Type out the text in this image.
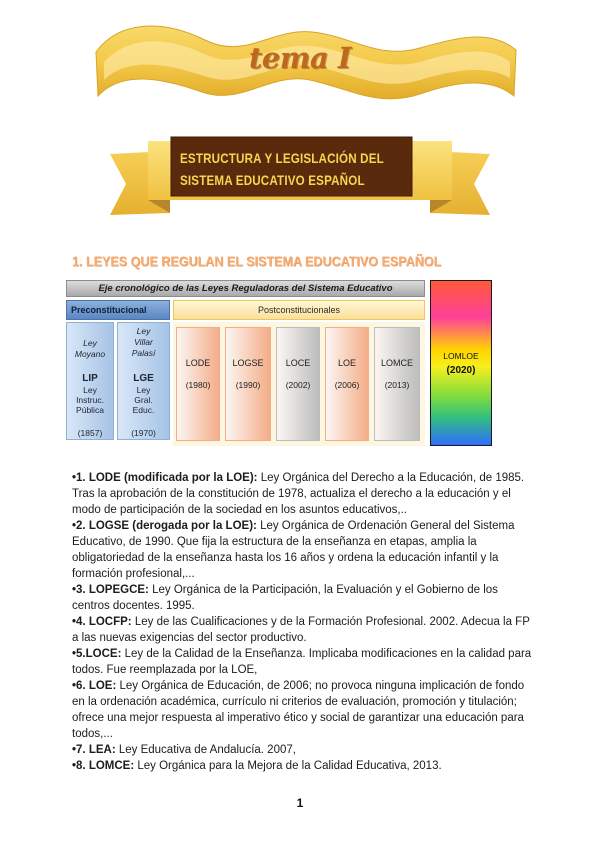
tema I
ESTRUCTURA Y LEGISLACIÓN DEL
SISTEMA EDUCATIVO ESPAÑOL
1. LEYES QUE REGULAN EL SISTEMA EDUCATIVO ESPAÑOL
Eje cronológico de las Leyes Reguladoras del Sistema Educativo
Preconstitucional	Postconstitucionales
Ley
Moyano
LIP
Ley
Instruc.
Pública
(1857)
Ley
Villar
Palasí
LGE
Ley
Gral.
Educ.
(1970)
LODE
(1980)
LOGSE
(1990)
LOCE
(2002)
LOE
(2006)
LOMCE
(2013)
LOMLOE
(2020)
• 1. LODE (modificada por la LOE): Ley Orgánica del Derecho a la Educación, de 1985. Tras la aprobación de la constitución de 1978, actualiza el derecho a la educación y el modo de participación de la sociedad en los asuntos educativos,..
• 2. LOGSE (derogada por la LOE): Ley Orgánica de Ordenación General del Sistema Educativo, de 1990. Que fija la estructura de la enseñanza en etapas, amplia la obligatoriedad de la enseñanza hasta los 16 años y ordena la educación infantil y la formación profesional,...
• 3. LOPEGCE: Ley Orgánica de la Participación, la Evaluación y el Gobierno de los centros docentes. 1995.
• 4. LOCFP: Ley de las Cualificaciones y de la Formación Profesional. 2002. Adecua la FP a las nuevas exigencias del sector productivo.
• 5.LOCE: Ley de la Calidad de la Enseñanza. Implicaba modificaciones en la calidad para todos. Fue reemplazada por la LOE,
• 6. LOE: Ley Orgánica de Educación, de 2006; no provoca ninguna implicación de fondo en la ordenación académica, currículo ni criterios de evaluación, promoción y titulación; ofrece una mejor respuesta al imperativo ético y social de garantizar una educación para todos,...
• 7. LEA: Ley Educativa de Andalucía. 2007,
• 8. LOMCE: Ley Orgánica para la Mejora de la Calidad Educativa, 2013.
1
